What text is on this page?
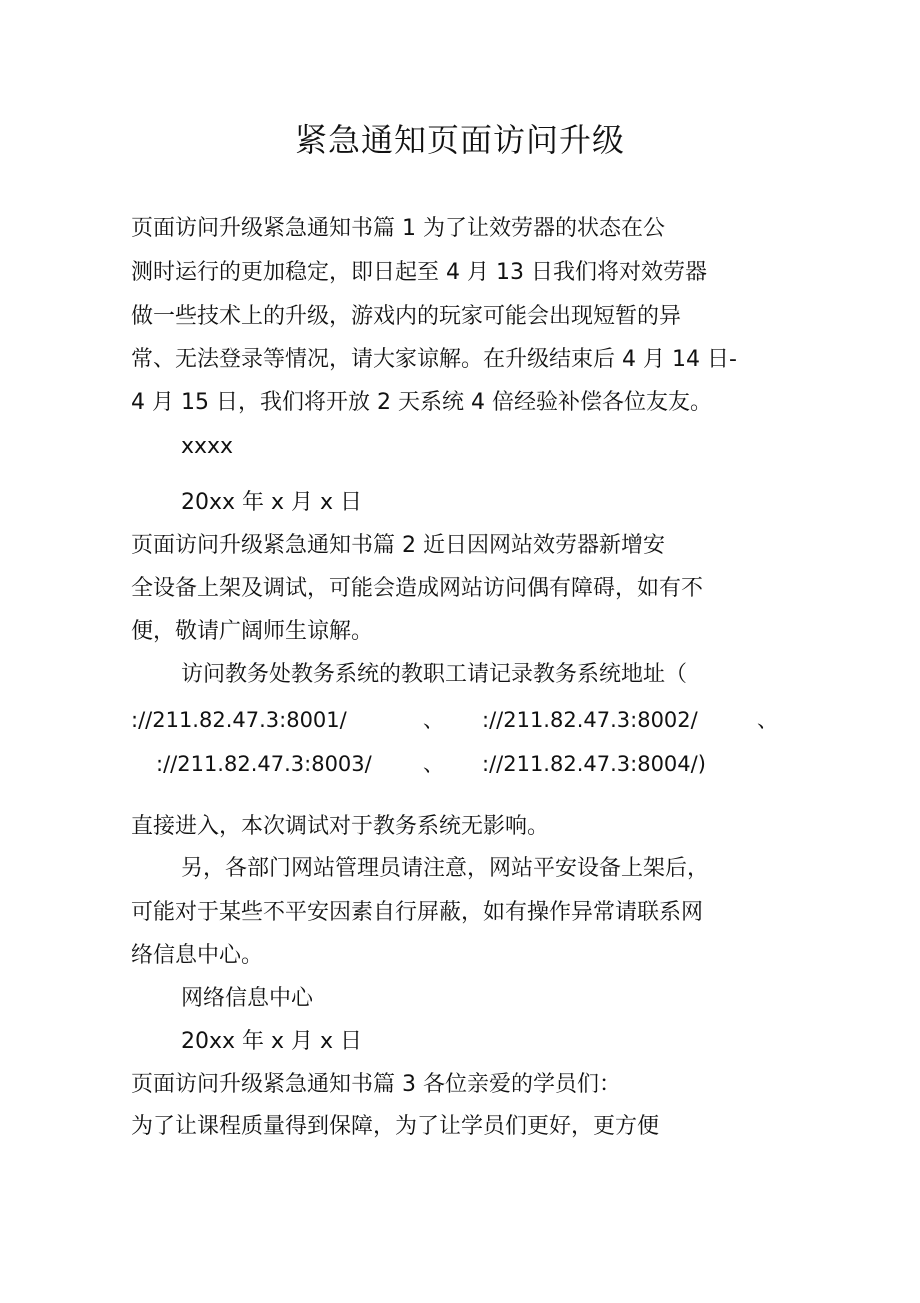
紧急通知页面访问升级
页面访问升级紧急通知书篇 1 为了让效劳器的状态在公
测时运行的更加稳定，即日起至 4 月 13 日我们将对效劳器
做一些技术上的升级，游戏内的玩家可能会出现短暂的异
常、无法登录等情况，请大家谅解。在升级结束后 4 月 14 日-
4 月 15 日，我们将开放 2 天系统 4 倍经验补偿各位友友。
xxxx
20xx 年 x 月 x 日
页面访问升级紧急通知书篇 2 近日因网站效劳器新增安
全设备上架及调试，可能会造成网站访问偶有障碍，如有不
便，敬请广阔师生谅解。
访问教务处教务系统的教职工请记录教务系统地址（
://211.82.47.3:8001/	、 ://211.82.47.3:8002/	、
://211.82.47.3:8003/ 、 ://211.82.47.3:8004/)
直接进入，本次调试对于教务系统无影响。
另，各部门网站管理员请注意，网站平安设备上架后，
可能对于某些不平安因素自行屏蔽，如有操作异常请联系网
络信息中心。
网络信息中心
20xx 年 x 月 x 日
页面访问升级紧急通知书篇 3 各位亲爱的学员们：
为了让课程质量得到保障，为了让学员们更好，更方便
